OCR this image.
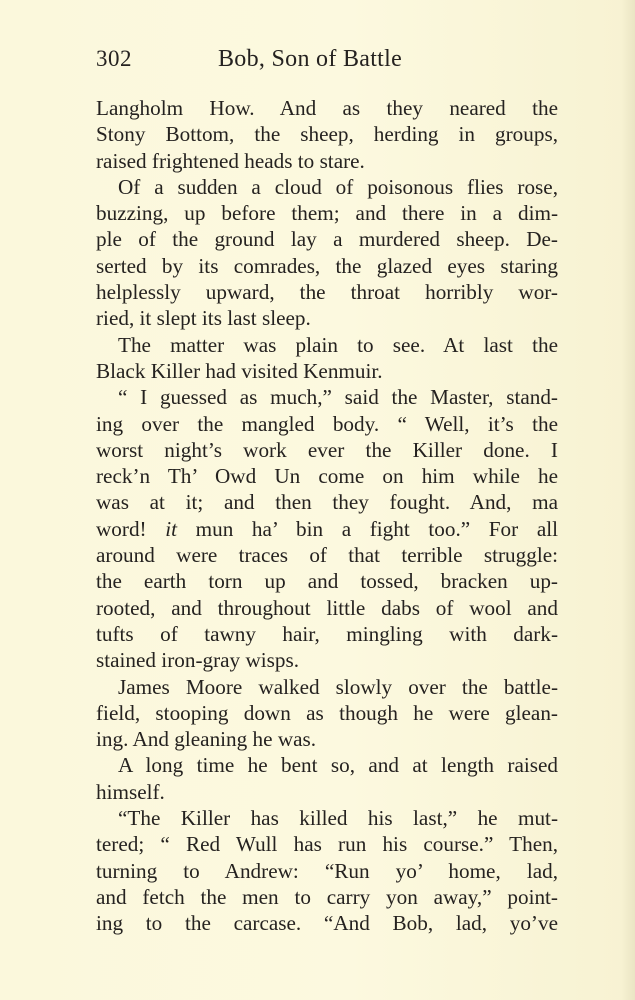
302	Bob, Son of Battle
Langholm How. And as they neared the
Stony Bottom, the sheep, herding in groups,
raised frightened heads to stare.
Of a sudden a cloud of poisonous flies rose,
buzzing, up before them; and there in a dim-
ple of the ground lay a murdered sheep. De-
serted by its comrades, the glazed eyes staring
helplessly upward, the throat horribly wor-
ried, it slept its last sleep.
The matter was plain to see. At last the
Black Killer had visited Kenmuir.
“ I guessed as much,” said the Master, stand-
ing over the mangled body. “ Well, it’s the
worst night’s work ever the Killer done. I
reck’n Th’ Owd Un come on him while he
was at it; and then they fought. And, ma
word! it mun ha’ bin a fight too.” For all
around were traces of that terrible struggle:
the earth torn up and tossed, bracken up-
rooted, and throughout little dabs of wool and
tufts of tawny hair, mingling with dark-
stained iron-gray wisps.
James Moore walked slowly over the battle-
field, stooping down as though he were glean-
ing. And gleaning he was.
A long time he bent so, and at length raised
himself.
“The Killer has killed his last,” he mut-
tered; “ Red Wull has run his course.” Then,
turning to Andrew: “Run yo’ home, lad,
and fetch the men to carry yon away,” point-
ing to the carcase. “And Bob, lad, yo’ve
